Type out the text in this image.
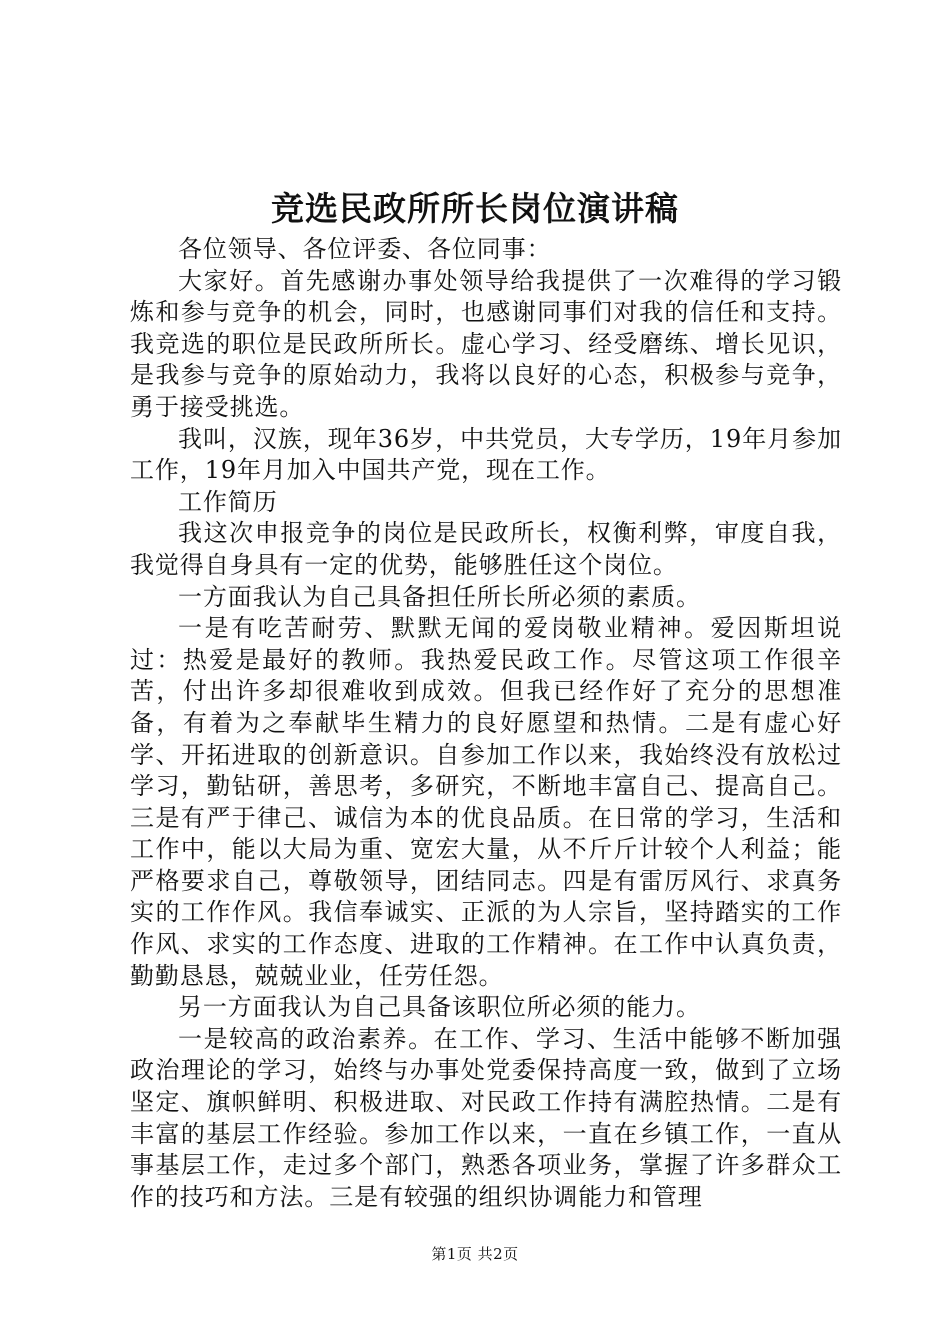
竞选民政所所长岗位演讲稿

各位领导、各位评委、各位同事：

大家好。首先感谢办事处领导给我提供了一次难得的学习锻炼和参与竞争的机会，同时，也感谢同事们对我的信任和支持。我竞选的职位是民政所所长。虚心学习、经受磨练、增长见识，是我参与竞争的原始动力，我将以良好的心态，积极参与竞争，勇于接受挑选。

我叫，汉族，现年36岁，中共党员，大专学历，19年月参加工作，19年月加入中国共产党，现在工作。

工作简历

我这次申报竞争的岗位是民政所长，权衡利弊，审度自我，我觉得自身具有一定的优势，能够胜任这个岗位。

一方面我认为自己具备担任所长所必须的素质。

一是有吃苦耐劳、默默无闻的爱岗敬业精神。爱因斯坦说过：热爱是最好的教师。我热爱民政工作。尽管这项工作很辛苦，付出许多却很难收到成效。但我已经作好了充分的思想准备，有着为之奉献毕生精力的良好愿望和热情。二是有虚心好学、开拓进取的创新意识。自参加工作以来，我始终没有放松过学习，勤钻研，善思考，多研究，不断地丰富自己、提高自己。三是有严于律己、诚信为本的优良品质。在日常的学习，生活和工作中，能以大局为重、宽宏大量，从不斤斤计较个人利益；能严格要求自己，尊敬领导，团结同志。四是有雷厉风行、求真务实的工作作风。我信奉诚实、正派的为人宗旨，坚持踏实的工作作风、求实的工作态度、进取的工作精神。在工作中认真负责，勤勤恳恳，兢兢业业，任劳任怨。

另一方面我认为自己具备该职位所必须的能力。

一是较高的政治素养。在工作、学习、生活中能够不断加强政治理论的学习，始终与办事处党委保持高度一致，做到了立场坚定、旗帜鲜明、积极进取、对民政工作持有满腔热情。二是有丰富的基层工作经验。参加工作以来，一直在乡镇工作，一直从事基层工作，走过多个部门，熟悉各项业务，掌握了许多群众工作的技巧和方法。三是有较强的组织协调能力和管理

第1页 共2页
